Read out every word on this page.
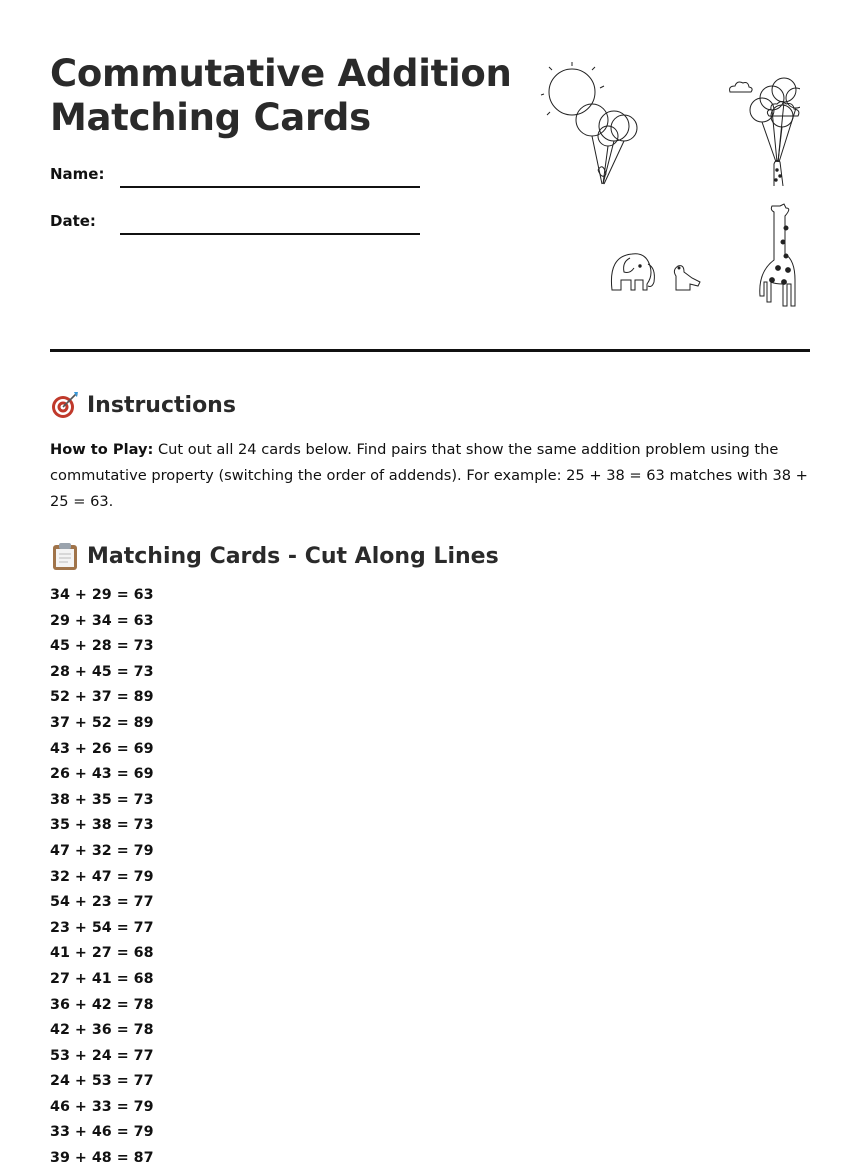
Commutative Addition
Matching Cards
Name:
Date:
Instructions

How to Play: Cut out all 24 cards below. Find pairs that show the same addition problem using the commutative property (switching the order of addends). For example: 25 + 38 = 63 matches with 38 + 25 = 63.

Matching Cards - Cut Along Lines
34 + 29 = 63
29 + 34 = 63
45 + 28 = 73
28 + 45 = 73
52 + 37 = 89
37 + 52 = 89
43 + 26 = 69
26 + 43 = 69
38 + 35 = 73
35 + 38 = 73
47 + 32 = 79
32 + 47 = 79
54 + 23 = 77
23 + 54 = 77
41 + 27 = 68
27 + 41 = 68
36 + 42 = 78
42 + 36 = 78
53 + 24 = 77
24 + 53 = 77
46 + 33 = 79
33 + 46 = 79
39 + 48 = 87
